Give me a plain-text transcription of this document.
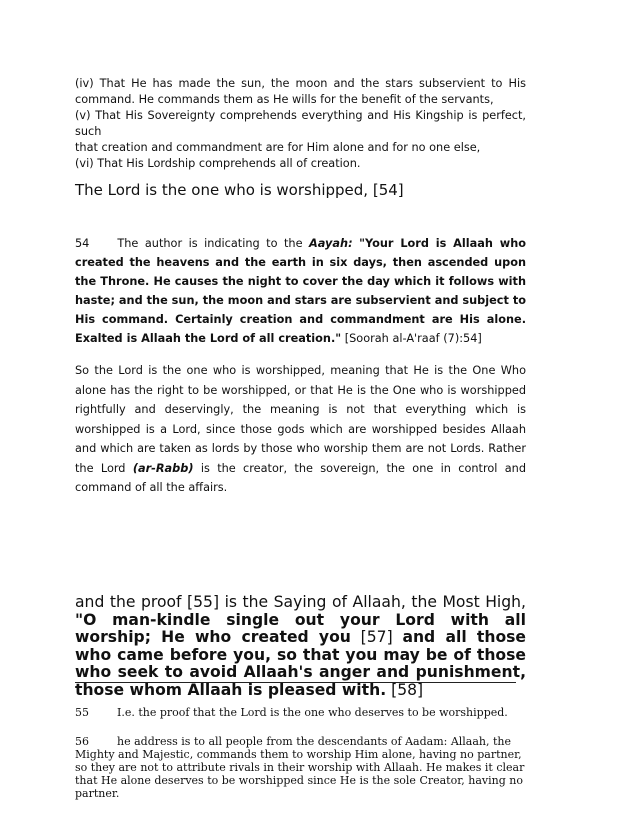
(iv) That He has made the sun, the moon and the stars subservient to His
command. He commands them as He wills for the benefit of the servants,
(v) That His Sovereignty comprehends everything and His Kingship is perfect, such
that creation and commandment are for Him alone and for no one else,
(vi) That His Lordship comprehends all of creation.
The Lord is the one who is worshipped, [54]
54 The author is indicating to the Aayah: "Your Lord is Allaah who created the heavens and the earth in six days, then ascended upon the Throne. He causes the night to cover the day which it follows with haste; and the sun, the moon and stars are subservient and subject to His command. Certainly creation and commandment are His alone. Exalted is Allaah the Lord of all creation." [Soorah al-A'raaf (7):54]
So the Lord is the one who is worshipped, meaning that He is the One Who alone has the right to be worshipped, or that He is the One who is worshipped rightfully and deservingly, the meaning is not that everything which is worshipped is a Lord, since those gods which are worshipped besides Allaah and which are taken as lords by those who worship them are not Lords. Rather the Lord (ar-Rabb) is the creator, the sovereign, the one in control and command of all the affairs.
and the proof [55] is the Saying of Allaah, the Most High, "O man-kindle single out your Lord with all worship; He who created you [57] and all those who came before you, so that you may be of those who seek to avoid Allaah's anger and punishment, those whom Allaah is pleased with. [58]
55	I.e. the proof that the Lord is the one who deserves to be worshipped.
56	he address is to all people from the descendants of Aadam: Allaah, the Mighty and Majestic, commands them to worship Him alone, having no partner, so they are not to attribute rivals in their worship with Allaah. He makes it clear that He alone deserves to be worshipped since He is the sole Creator, having no partner.
